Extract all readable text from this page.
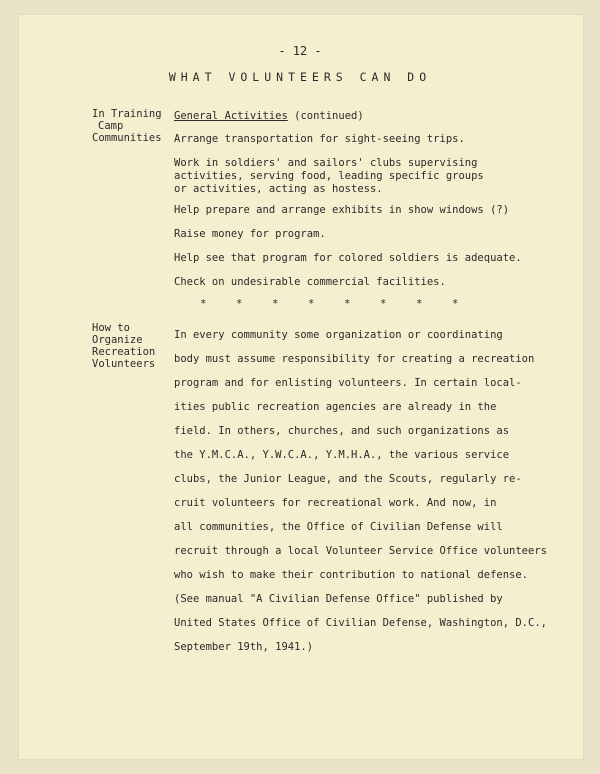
- 12 -
WHAT VOLUNTEERS CAN DO
In Training
Camp
Communities
General Activities (continued)
Arrange transportation for sight-seeing trips.
Work in soldiers' and sailors' clubs supervising
activities, serving food, leading specific groups
or activities, acting as hostess.
Help prepare and arrange exhibits in show windows (?)
Raise money for program.
Help see that program for colored soldiers is adequate.
Check on undesirable commercial facilities.
*	*	*	*	*	*	*	*
How to
Organize
Recreation
Volunteers
In every community some organization or coordinating
body must assume responsibility for creating a recreation
program and for enlisting volunteers. In certain local-
ities public recreation agencies are already in the
field. In others, churches, and such organizations as
the Y.M.C.A., Y.W.C.A., Y.M.H.A., the various service
clubs, the Junior League, and the Scouts, regularly re-
cruit volunteers for recreational work. And now, in
all communities, the Office of Civilian Defense will
recruit through a local Volunteer Service Office volunteers
who wish to make their contribution to national defense.
(See manual "A Civilian Defense Office" published by
United States Office of Civilian Defense, Washington, D.C.,
September 19th, 1941.)
